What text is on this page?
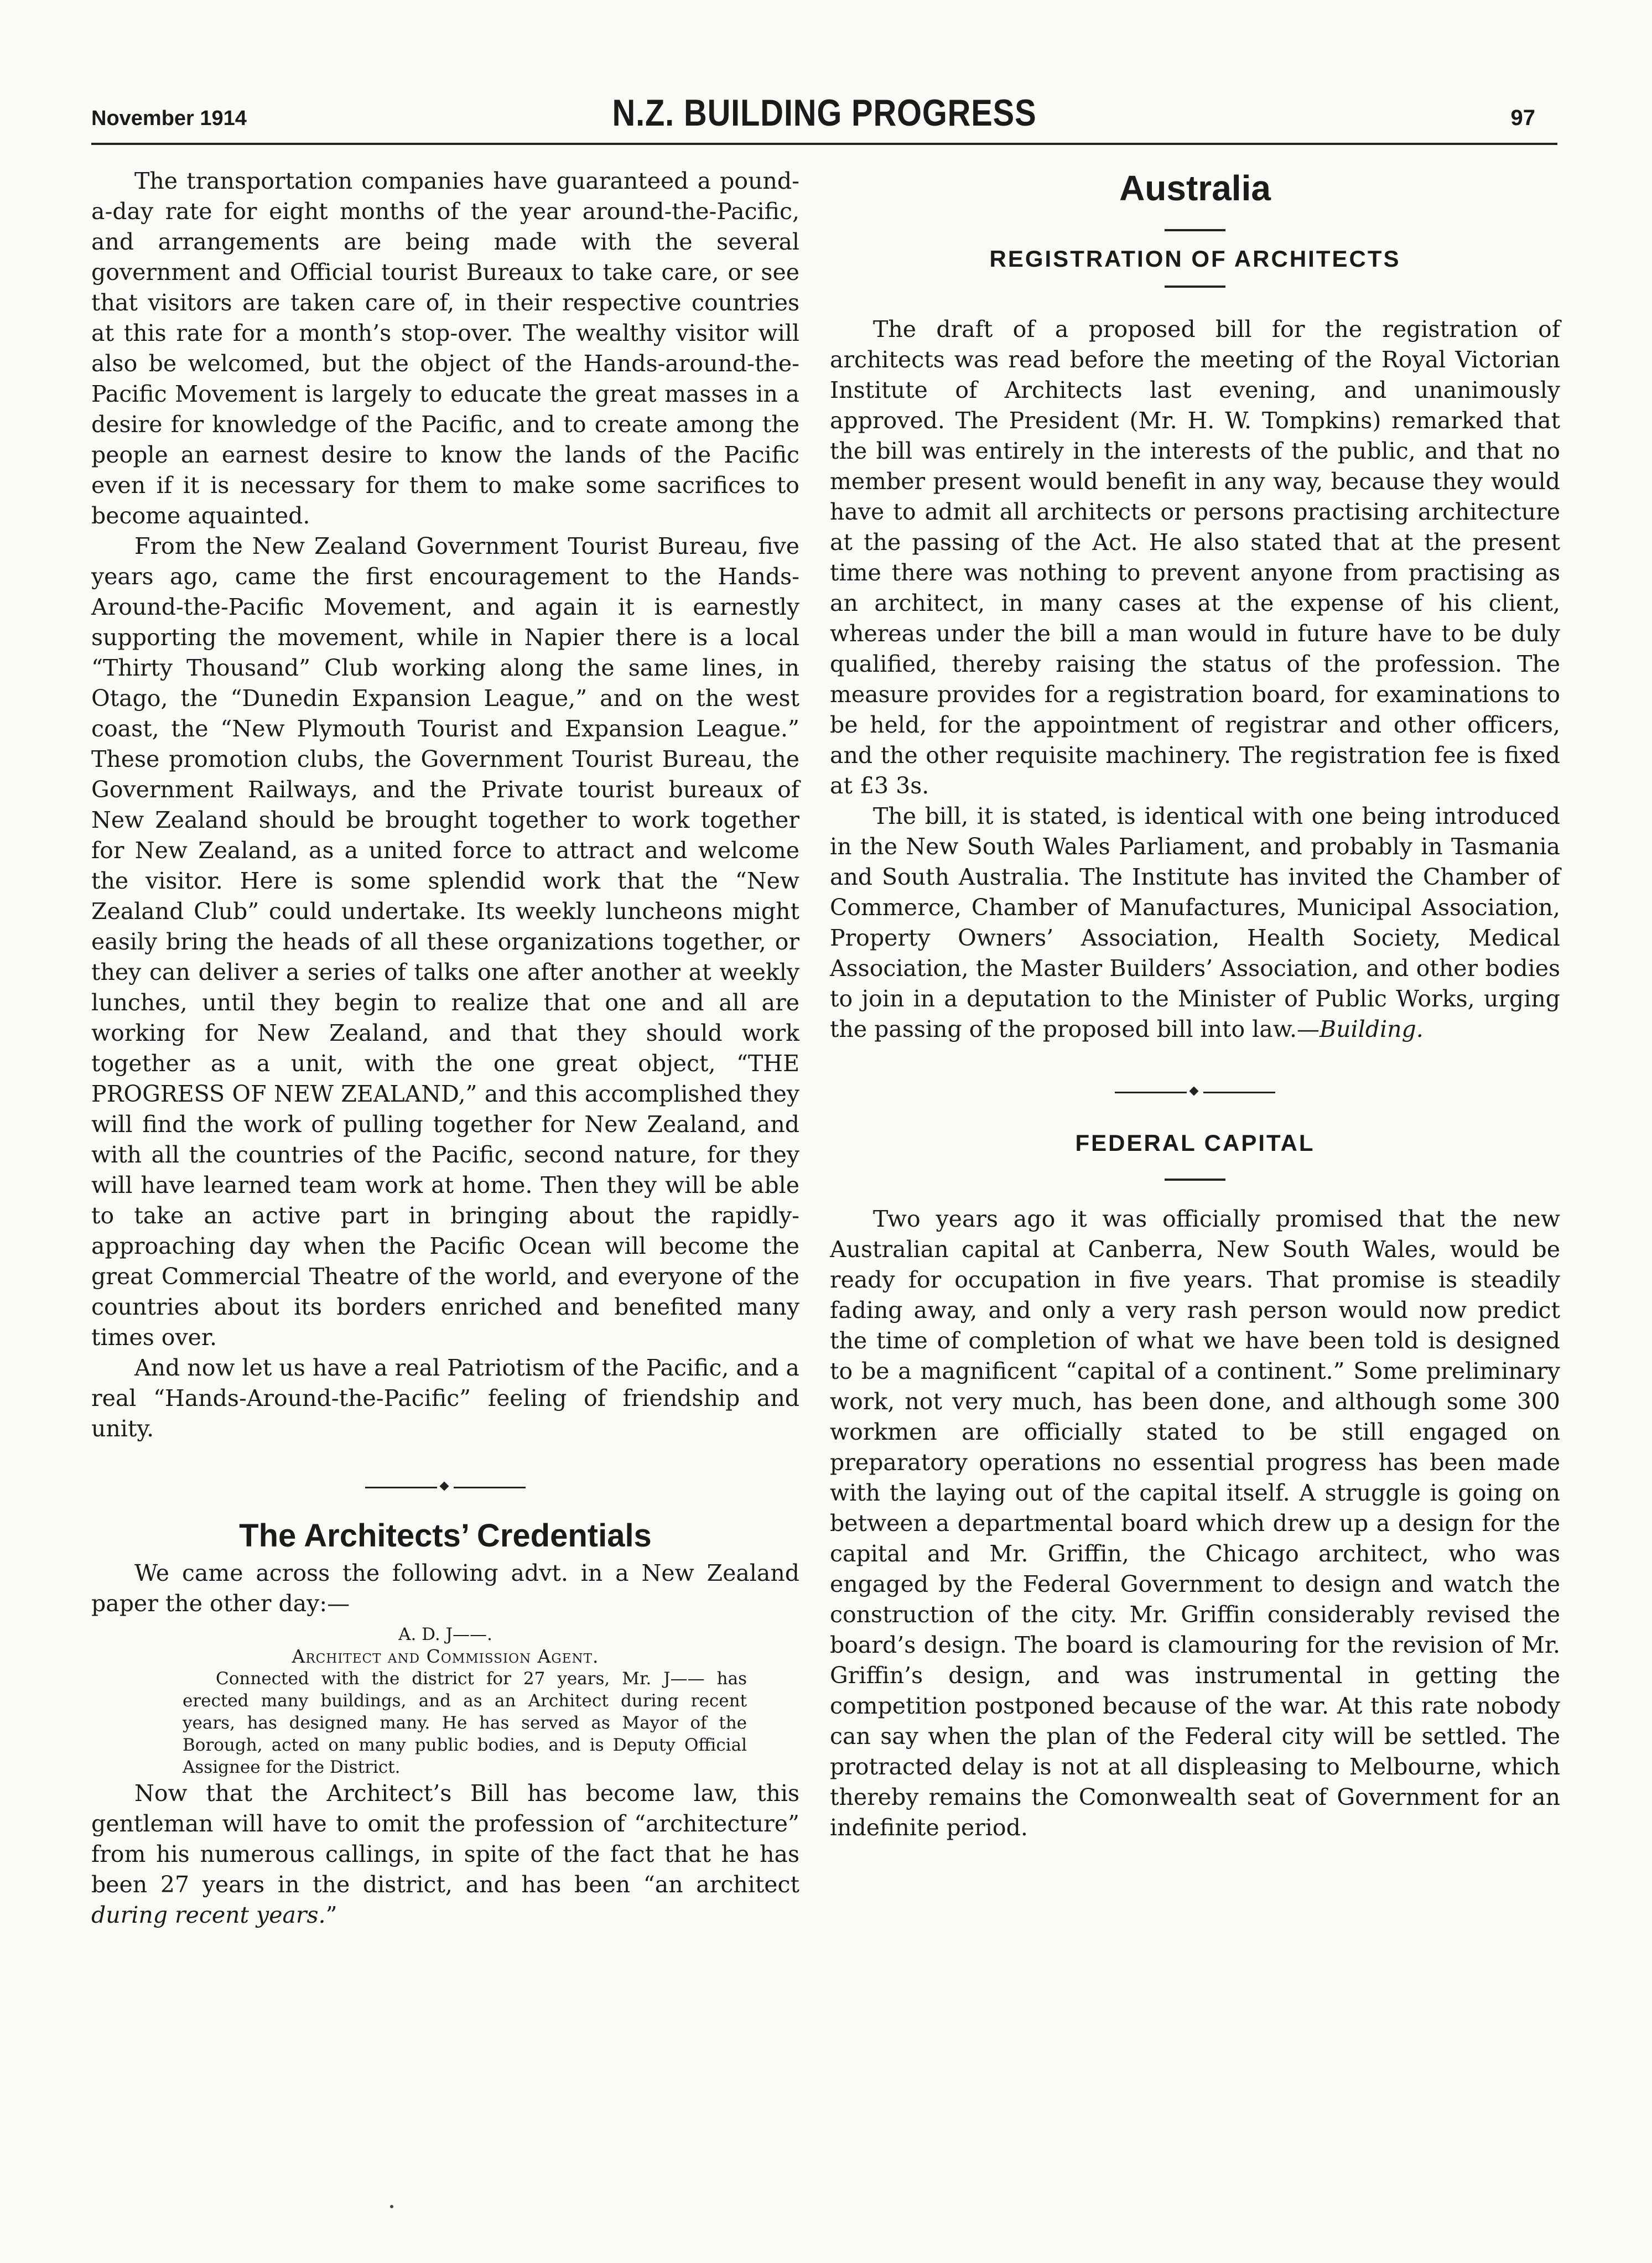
November 1914	N.Z. BUILDING PROGRESS	97

The transportation companies have guaranteed a pound-a-day rate for eight months of the year around-the-Pacific, and arrangements are being made with the several government and Official tourist Bureaux to take care, or see that visitors are taken care of, in their respective countries at this rate for a month’s stop-over. The wealthy visitor will also be welcomed, but the object of the Hands-around-the-Pacific Movement is largely to educate the great masses in a desire for knowledge of the Pacific, and to create among the people an earnest desire to know the lands of the Pacific even if it is necessary for them to make some sacrifices to become aquainted.

From the New Zealand Government Tourist Bureau, five years ago, came the first encouragement to the Hands-Around-the-Pacific Movement, and again it is earnestly supporting the movement, while in Napier there is a local “Thirty Thousand” Club working along the same lines, in Otago, the “Dunedin Expansion League,” and on the west coast, the “New Plymouth Tourist and Expansion League.” These promotion clubs, the Government Tourist Bureau, the Government Railways, and the Private tourist bureaux of New Zealand should be brought together to work together for New Zealand, as a united force to attract and welcome the visitor. Here is some splendid work that the “New Zealand Club” could undertake. Its weekly luncheons might easily bring the heads of all these organizations together, or they can deliver a series of talks one after another at weekly lunches, until they begin to realize that one and all are working for New Zealand, and that they should work together as a unit, with the one great object, “THE PROGRESS OF NEW ZEALAND,” and this accomplished they will find the work of pulling together for New Zealand, and with all the countries of the Pacific, second nature, for they will have learned team work at home. Then they will be able to take an active part in bringing about the rapidly-approaching day when the Pacific Ocean will become the great Commercial Theatre of the world, and everyone of the countries about its borders enriched and benefited many times over.

And now let us have a real Patriotism of the Pacific, and a real “Hands-Around-the-Pacific” feeling of friendship and unity.

The Architects’ Credentials

We came across the following advt. in a New Zealand paper the other day:—

A. D. J——.

Architect and Commission Agent.

Connected with the district for 27 years, Mr. J—— has erected many buildings, and as an Architect during recent years, has designed many. He has served as Mayor of the Borough, acted on many public bodies, and is Deputy Official Assignee for the District.

Now that the Architect’s Bill has become law, this gentleman will have to omit the profession of “architecture” from his numerous callings, in spite of the fact that he has been 27 years in the district, and has been “an architect during recent years.”

Australia
REGISTRATION OF ARCHITECTS

The draft of a proposed bill for the registration of architects was read before the meeting of the Royal Victorian Institute of Architects last evening, and unanimously approved. The President (Mr. H. W. Tompkins) remarked that the bill was entirely in the interests of the public, and that no member present would benefit in any way, because they would have to admit all architects or persons practising architecture at the passing of the Act. He also stated that at the present time there was nothing to prevent anyone from practising as an architect, in many cases at the expense of his client, whereas under the bill a man would in future have to be duly qualified, thereby raising the status of the profession. The measure provides for a registration board, for examinations to be held, for the appointment of registrar and other officers, and the other requisite machinery. The registration fee is fixed at £3 3s.

The bill, it is stated, is identical with one being introduced in the New South Wales Parliament, and probably in Tasmania and South Australia. The Institute has invited the Chamber of Commerce, Chamber of Manufactures, Municipal Association, Property Owners’ Association, Health Society, Medical Association, the Master Builders’ Association, and other bodies to join in a deputation to the Minister of Public Works, urging the passing of the proposed bill into law.—Building.

FEDERAL CAPITAL

Two years ago it was officially promised that the new Australian capital at Canberra, New South Wales, would be ready for occupation in five years. That promise is steadily fading away, and only a very rash person would now predict the time of completion of what we have been told is designed to be a magnificent “capital of a continent.” Some preliminary work, not very much, has been done, and although some 300 workmen are officially stated to be still engaged on preparatory operations no essential progress has been made with the laying out of the capital itself. A struggle is going on between a departmental board which drew up a design for the capital and Mr. Griffin, the Chicago architect, who was engaged by the Federal Government to design and watch the construction of the city. Mr. Griffin considerably revised the board’s design. The board is clamouring for the revision of Mr. Griffin’s design, and was instrumental in getting the competition postponed because of the war. At this rate nobody can say when the plan of the Federal city will be settled. The protracted delay is not at all displeasing to Melbourne, which thereby remains the Comonwealth seat of Government for an indefinite period.
